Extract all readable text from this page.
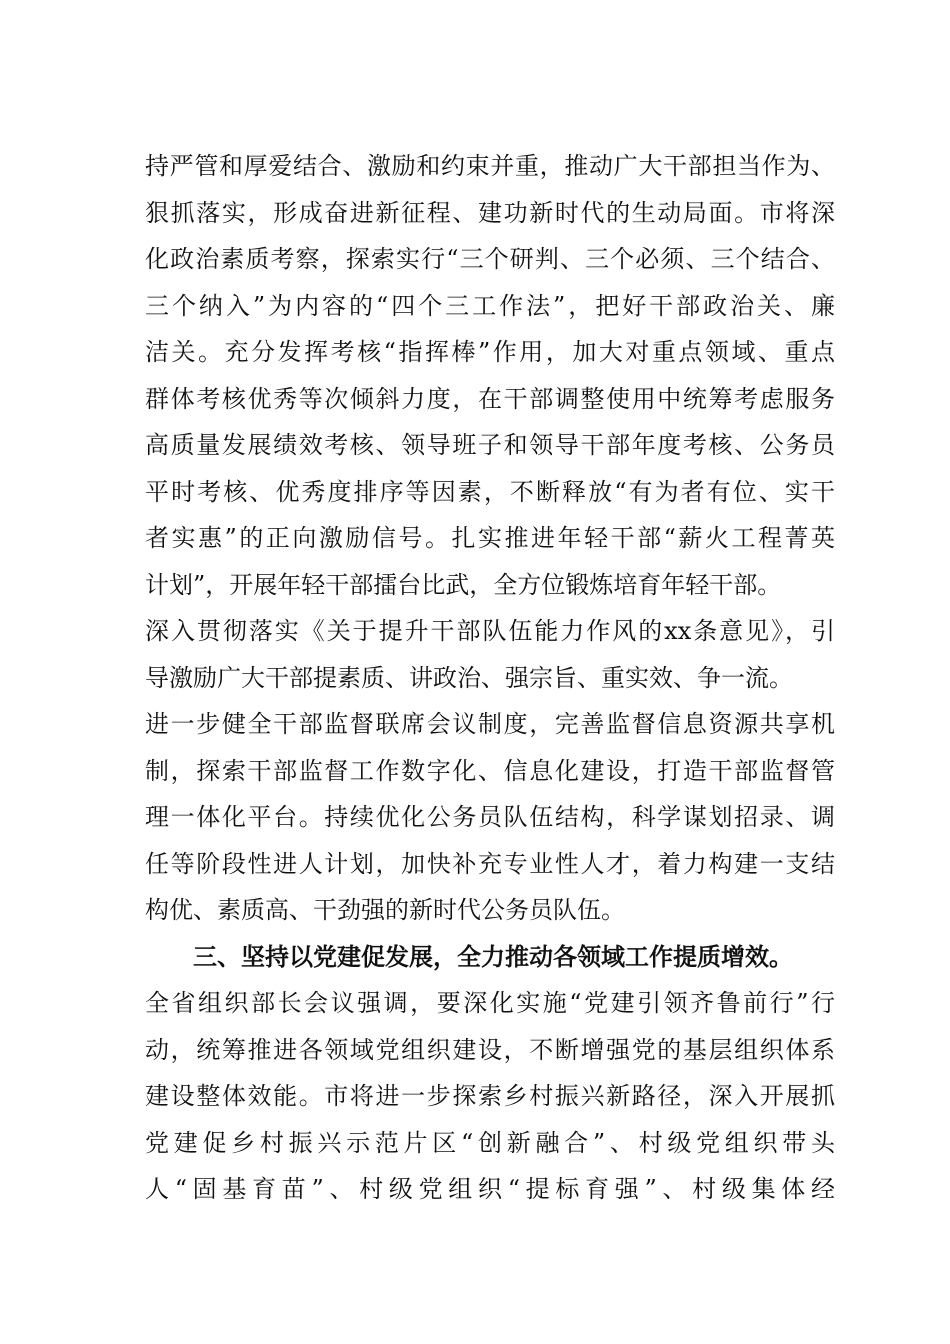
持严管和厚爱结合、激励和约束并重，推动广大干部担当作为、
狠抓落实，形成奋进新征程、建功新时代的生动局面。市将深
化政治素质考察，探索实行“三个研判、三个必须、三个结合、
三个纳入”为内容的“四个三工作法”，把好干部政治关、廉
洁关。充分发挥考核“指挥棒”作用，加大对重点领域、重点
群体考核优秀等次倾斜力度，在干部调整使用中统筹考虑服务
高质量发展绩效考核、领导班子和领导干部年度考核、公务员
平时考核、优秀度排序等因素，不断释放“有为者有位、实干
者实惠”的正向激励信号。扎实推进年轻干部“薪火工程菁英
计划”，开展年轻干部擂台比武，全方位锻炼培育年轻干部。
深入贯彻落实《关于提升干部队伍能力作风的xx条意见》，引
导激励广大干部提素质、讲政治、强宗旨、重实效、争一流。
进一步健全干部监督联席会议制度，完善监督信息资源共享机
制，探索干部监督工作数字化、信息化建设，打造干部监督管
理一体化平台。持续优化公务员队伍结构，科学谋划招录、调
任等阶段性进人计划，加快补充专业性人才，着力构建一支结
构优、素质高、干劲强的新时代公务员队伍。
三、坚持以党建促发展，全力推动各领域工作提质增效。
全省组织部长会议强调，要深化实施“党建引领齐鲁前行”行
动，统筹推进各领域党组织建设，不断增强党的基层组织体系
建设整体效能。市将进一步探索乡村振兴新路径，深入开展抓
党建促乡村振兴示范片区“创新融合”、村级党组织带头
人“固基育苗”、村级党组织“提标育强”、村级集体经
